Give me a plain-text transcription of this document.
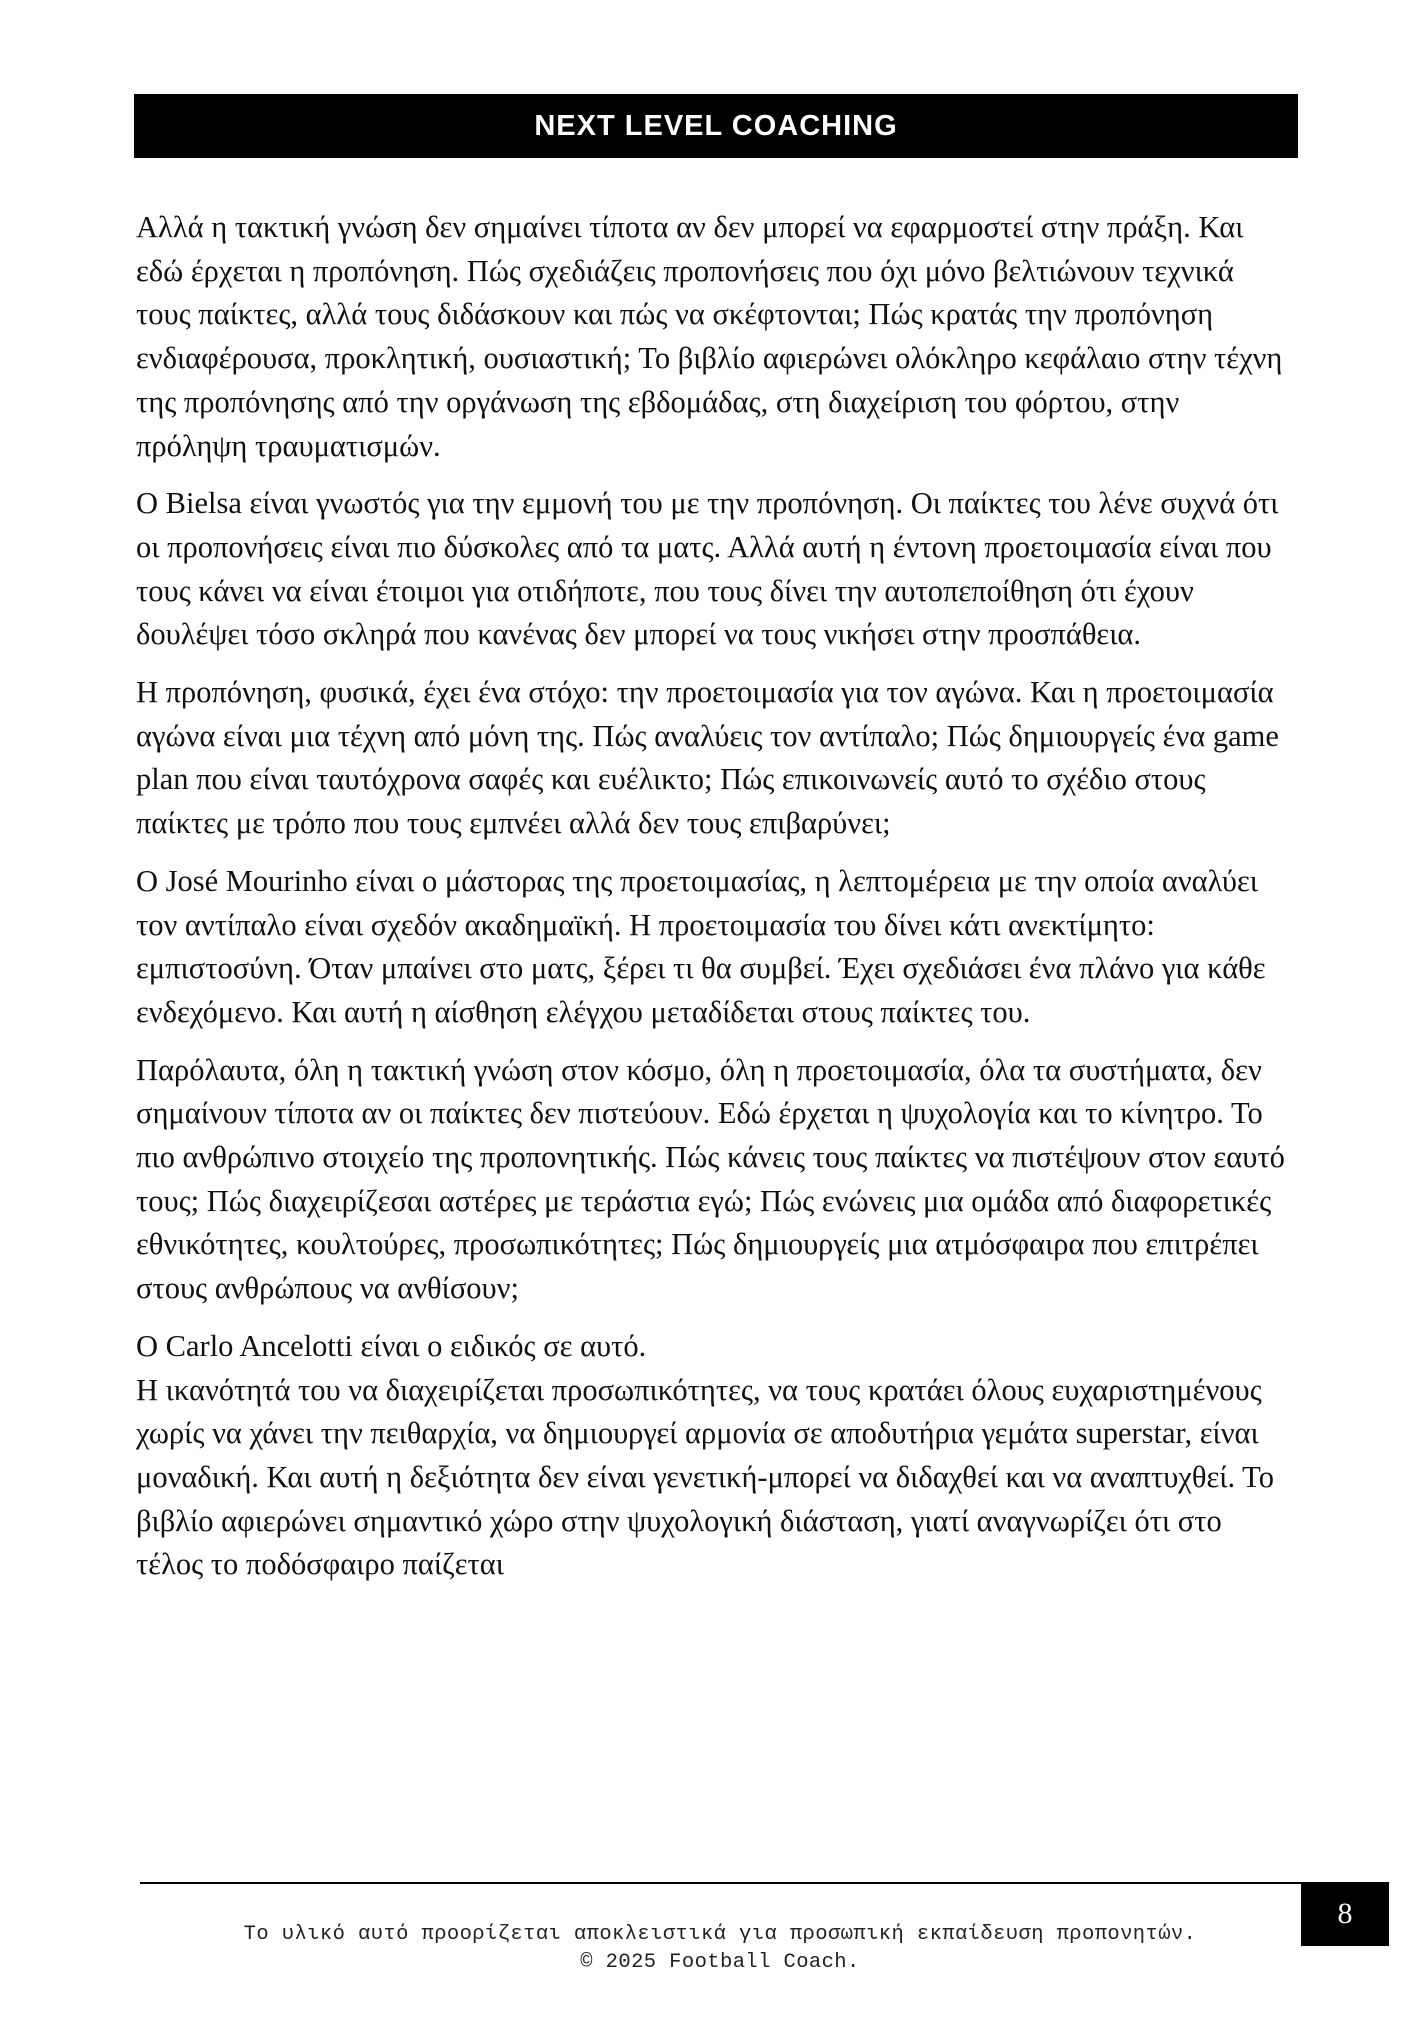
NEXT LEVEL COACHING

Αλλά η τακτική γνώση δεν σημαίνει τίποτα αν δεν μπορεί να εφαρμοστεί στην πράξη. Και εδώ έρχεται η προπόνηση. Πώς σχεδιάζεις προπονήσεις που όχι μόνο βελτιώνουν τεχνικά τους παίκτες, αλλά τους διδάσκουν και πώς να σκέφτονται; Πώς κρατάς την προπόνηση ενδιαφέρουσα, προκλητική, ουσιαστική; Το βιβλίο αφιερώνει ολόκληρο κεφάλαιο στην τέχνη της προπόνησης από την οργάνωση της εβδομάδας, στη διαχείριση του φόρτου, στην πρόληψη τραυματισμών.

Ο Bielsa είναι γνωστός για την εμμονή του με την προπόνηση. Οι παίκτες του λένε συχνά ότι οι προπονήσεις είναι πιο δύσκολες από τα ματς. Αλλά αυτή η έντονη προετοιμασία είναι που τους κάνει να είναι έτοιμοι για οτιδήποτε, που τους δίνει την αυτοπεποίθηση ότι έχουν δουλέψει τόσο σκληρά που κανένας δεν μπορεί να τους νικήσει στην προσπάθεια.

Η προπόνηση, φυσικά, έχει ένα στόχο: την προετοιμασία για τον αγώνα. Και η προετοιμασία αγώνα είναι μια τέχνη από μόνη της. Πώς αναλύεις τον αντίπαλο; Πώς δημιουργείς ένα game plan που είναι ταυτόχρονα σαφές και ευέλικτο; Πώς επικοινωνείς αυτό το σχέδιο στους παίκτες με τρόπο που τους εμπνέει αλλά δεν τους επιβαρύνει;

Ο José Mourinho είναι ο μάστορας της προετοιμασίας, η λεπτομέρεια με την οποία αναλύει τον αντίπαλο είναι σχεδόν ακαδημαϊκή. Η προετοιμασία του δίνει κάτι ανεκτίμητο: εμπιστοσύνη. Όταν μπαίνει στο ματς, ξέρει τι θα συμβεί. Έχει σχεδιάσει ένα πλάνο για κάθε ενδεχόμενο. Και αυτή η αίσθηση ελέγχου μεταδίδεται στους παίκτες του.

Παρόλαυτα, όλη η τακτική γνώση στον κόσμο, όλη η προετοιμασία, όλα τα συστήματα, δεν σημαίνουν τίποτα αν οι παίκτες δεν πιστεύουν. Εδώ έρχεται η ψυχολογία και το κίνητρο. Το πιο ανθρώπινο στοιχείο της προπονητικής. Πώς κάνεις τους παίκτες να πιστέψουν στον εαυτό τους; Πώς διαχειρίζεσαι αστέρες με τεράστια εγώ; Πώς ενώνεις μια ομάδα από διαφορετικές εθνικότητες, κουλτούρες, προσωπικότητες; Πώς δημιουργείς μια ατμόσφαιρα που επιτρέπει στους ανθρώπους να ανθίσουν;

Ο Carlo Ancelotti είναι ο ειδικός σε αυτό.

Η ικανότητά του να διαχειρίζεται προσωπικότητες, να τους κρατάει όλους ευχαριστημένους χωρίς να χάνει την πειθαρχία, να δημιουργεί αρμονία σε αποδυτήρια γεμάτα superstar, είναι μοναδική. Και αυτή η δεξιότητα δεν είναι γενετική-μπορεί να διδαχθεί και να αναπτυχθεί. Το βιβλίο αφιερώνει σημαντικό χώρο στην ψυχολογική διάσταση, γιατί αναγνωρίζει ότι στο τέλος το ποδόσφαιρο παίζεται

8
Το υλικό αυτό προορίζεται αποκλειστικά για προσωπική εκπαίδευση προπονητών.
© 2025 Football Coach.
